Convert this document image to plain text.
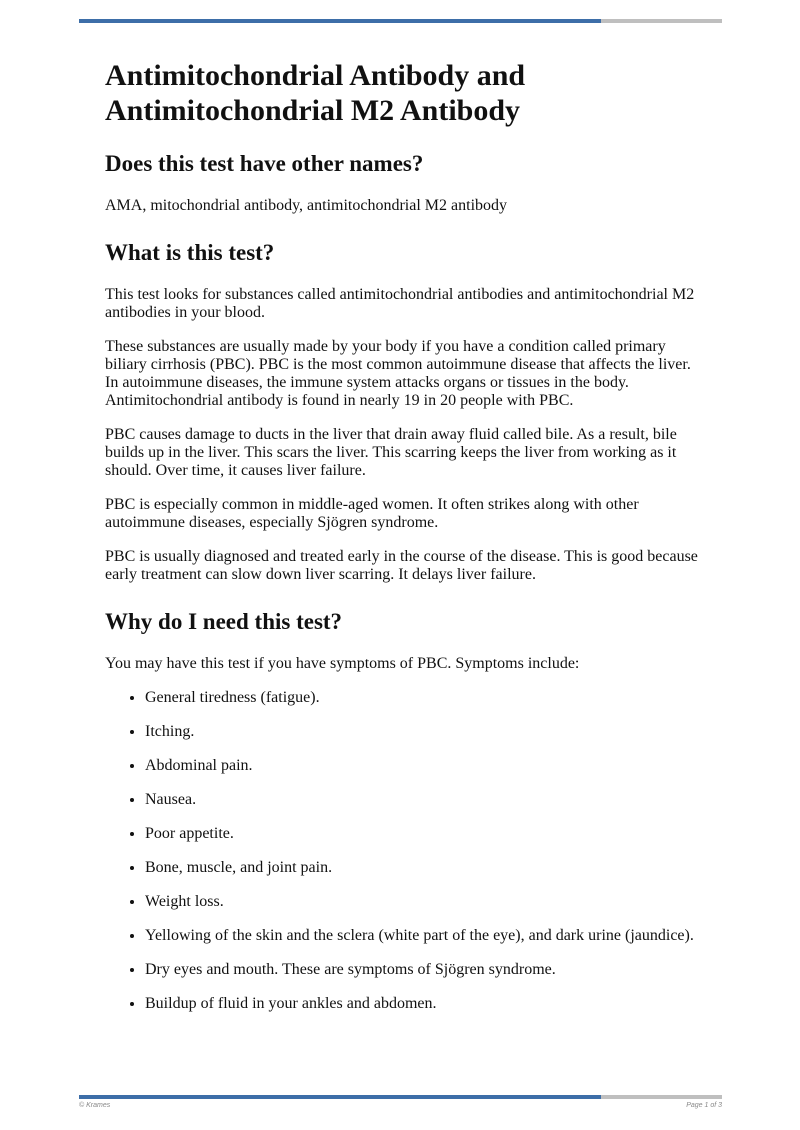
Antimitochondrial Antibody and Antimitochondrial M2 Antibody
Does this test have other names?

AMA, mitochondrial antibody, antimitochondrial M2 antibody

What is this test?

This test looks for substances called antimitochondrial antibodies and antimitochondrial M2 antibodies in your blood.

These substances are usually made by your body if you have a condition called primary biliary cirrhosis (PBC). PBC is the most common autoimmune disease that affects the liver. In autoimmune diseases, the immune system attacks organs or tissues in the body. Antimitochondrial antibody is found in nearly 19 in 20 people with PBC.

PBC causes damage to ducts in the liver that drain away fluid called bile. As a result, bile builds up in the liver. This scars the liver. This scarring keeps the liver from working as it should. Over time, it causes liver failure.

PBC is especially common in middle-aged women. It often strikes along with other autoimmune diseases, especially Sjögren syndrome.

PBC is usually diagnosed and treated early in the course of the disease. This is good because early treatment can slow down liver scarring. It delays liver failure.

Why do I need this test?

You may have this test if you have symptoms of PBC. Symptoms include:

• General tiredness (fatigue).
• Itching.
• Abdominal pain.
• Nausea.
• Poor appetite.
• Bone, muscle, and joint pain.
• Weight loss.
• Yellowing of the skin and the sclera (white part of the eye), and dark urine (jaundice).
• Dry eyes and mouth. These are symptoms of Sjögren syndrome.
• Buildup of fluid in your ankles and abdomen.
© Krames	Page 1 of 3
